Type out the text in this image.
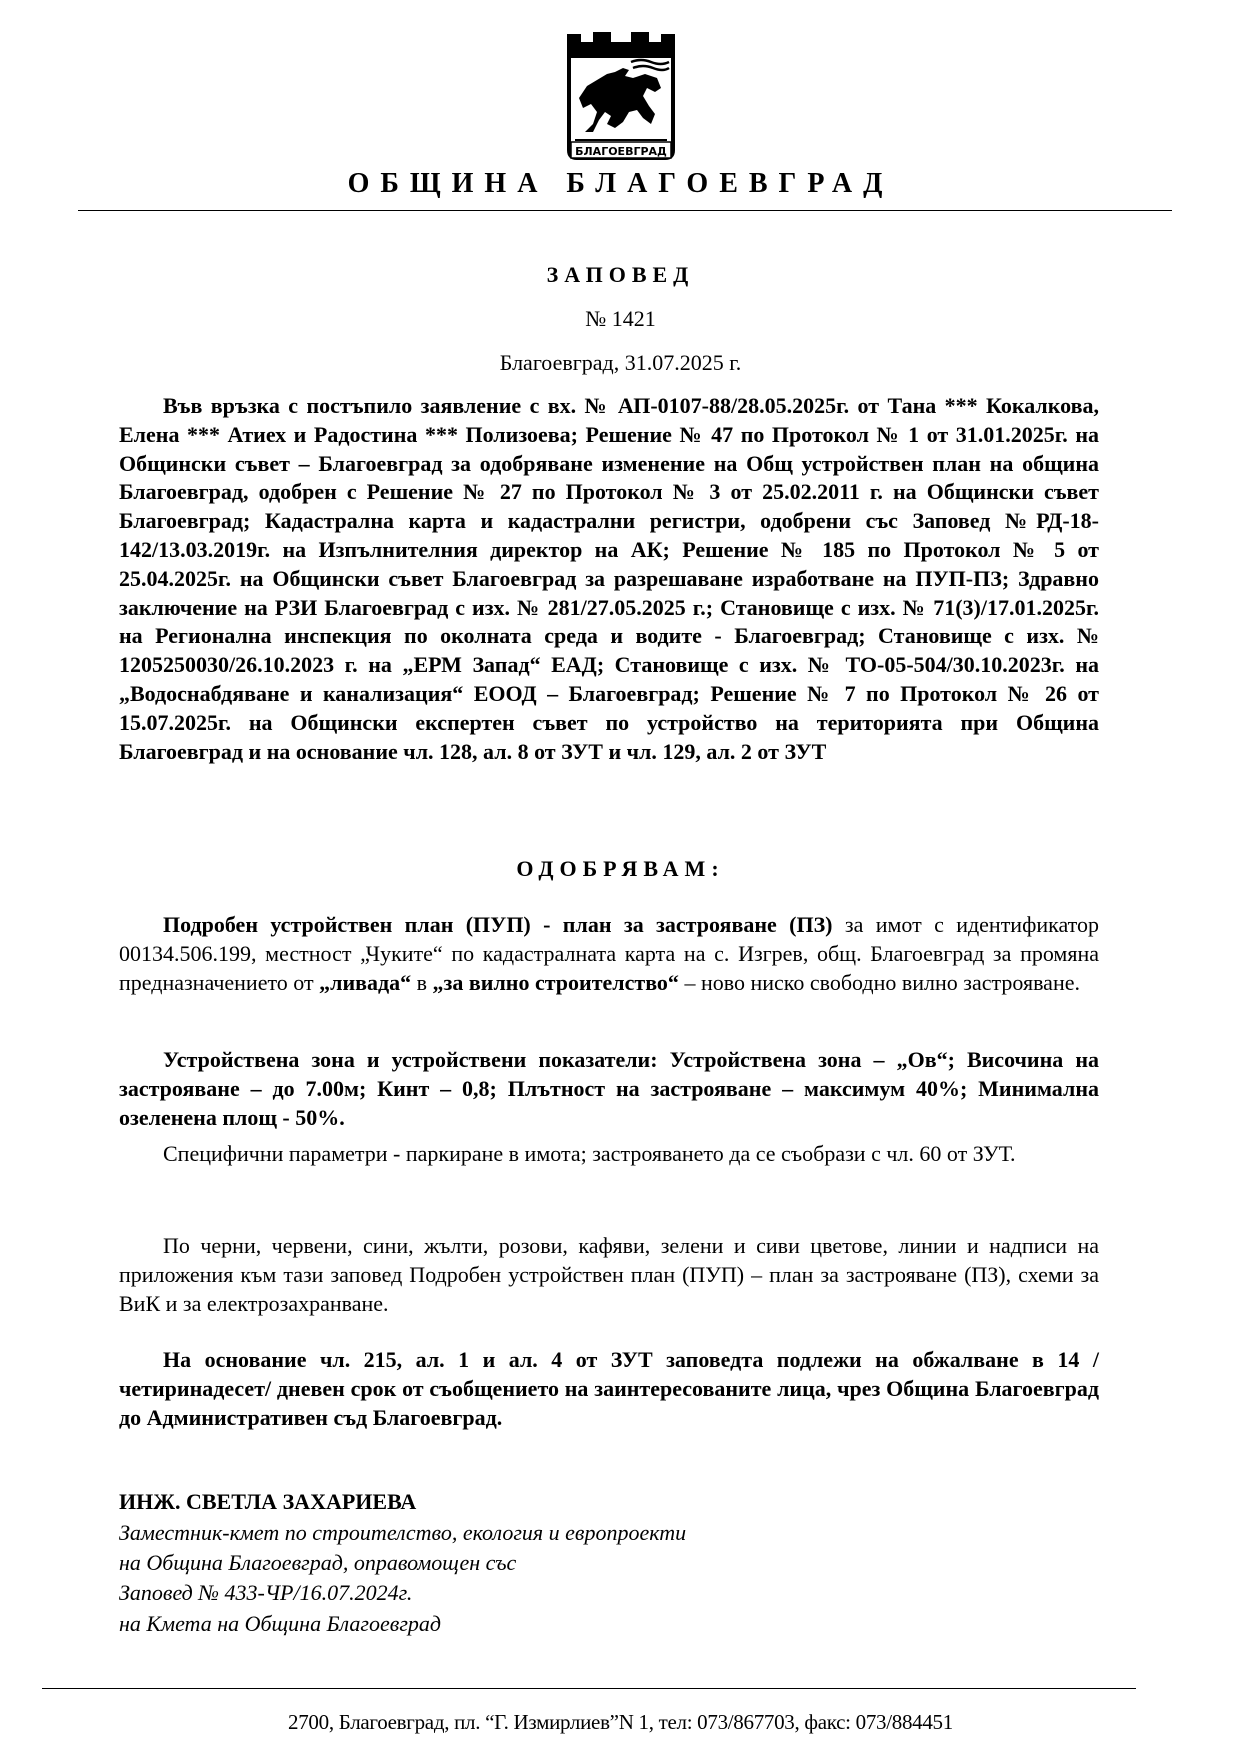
БЛАГОЕВГРАД
ОБЩИНА БЛАГОЕВГРАД
ЗАПОВЕД
№ 1421
Благоевград, 31.07.2025 г.

Във връзка с постъпило заявление с вх. № АП-0107-88/28.05.2025г. от Тана *** Кокалкова, Елена *** Атиех и Радостина *** Полизоева; Решение № 47 по Протокол № 1 от 31.01.2025г. на Общински съвет – Благоевград за одобряване изменение на Общ устройствен план на община Благоевград, одобрен с Решение № 27 по Протокол № 3 от 25.02.2011 г. на Общински съвет Благоевград; Кадастрална карта и кадастрални регистри, одобрени със Заповед №РД-18-142/13.03.2019г. на Изпълнителния директор на АК; Решение № 185 по Протокол № 5 от 25.04.2025г. на Общински съвет Благоевград за разрешаване изработване на ПУП-ПЗ; Здравно заключение на РЗИ Благоевград с изх. № 281/27.05.2025 г.; Становище с изх. № 71(3)/17.01.2025г. на Регионална инспекция по околната среда и водите - Благоевград; Становище с изх. № 1205250030/26.10.2023 г. на „ЕРМ Запад“ ЕАД; Становище с изх. № ТО-05-504/30.10.2023г. на „Водоснабдяване и канализация“ ЕООД – Благоевград; Решение № 7 по Протокол № 26 от 15.07.2025г. на Общински експертен съвет по устройство на територията при Община Благоевград и на основание чл. 128, ал. 8 от ЗУТ и чл. 129, ал. 2 от ЗУТ

ОДОБРЯВАМ:

Подробен устройствен план (ПУП) - план за застрояване (ПЗ) за имот с идентификатор 00134.506.199, местност „Чуките“ по кадастралната карта на с. Изгрев, общ. Благоевград за промяна предназначението от „ливада“ в „за вилно строителство“ – ново ниско свободно вилно застрояване.

Устройствена зона и устройствени показатели: Устройствена зона – „Ов“; Височина на застрояване – до 7.00м; Кинт – 0,8; Плътност на застрояване – максимум 40%; Минимална озеленена площ - 50%.

Специфични параметри - паркиране в имота; застрояването да се съобрази с чл. 60 от ЗУТ.

По черни, червени, сини, жълти, розови, кафяви, зелени и сиви цветове, линии и надписи на приложения към тази заповед Подробен устройствен план (ПУП) – план за застрояване (ПЗ), схеми за ВиК и за електрозахранване.

На основание чл. 215, ал. 1 и ал. 4 от ЗУТ заповедта подлежи на обжалване в 14 /четиринадесет/ дневен срок от съобщението на заинтересованите лица, чрез Община Благоевград до Административен съд Благоевград.

ИНЖ. СВЕТЛА ЗАХАРИЕВА
Заместник-кмет по строителство, екология и европроекти
на Община Благоевград, оправомощен със
Заповед № 433-ЧР/16.07.2024г.
на Кмета на Община Благоевград
2700, Благоевград, пл. “Г. Измирлиев”N 1, тел: 073/867703, факс: 073/884451
